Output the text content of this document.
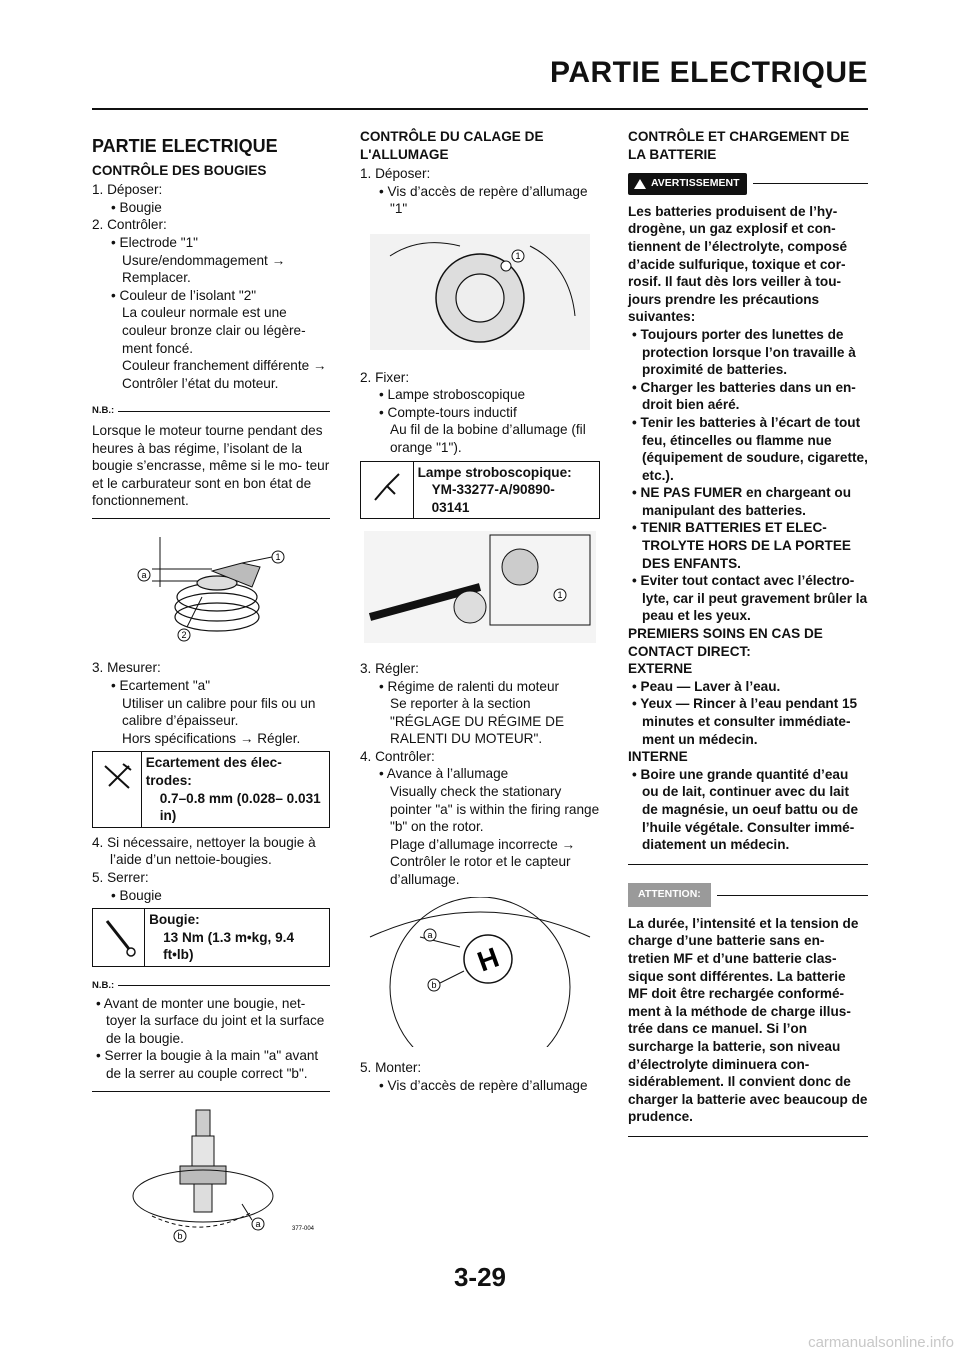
PARTIE ELECTRIQUE
PARTIE ELECTRIQUE
CONTRÔLE DES BOUGIES

1. Déposer:

• Bougie

2. Contrôler:

• Electrode "1"

Usure/endommagement → Remplacer.

• Couleur de l’isolant "2"

La couleur normale est une couleur bronze clair ou légère- ment foncé.

Couleur franchement différente → Contrôler l’état du moteur.

N.B.:

Lorsque le moteur tourne pendant des heures à bas régime, l’isolant de la bougie s’encrasse, même si le mo- teur et le carburateur sont en bon état de fonctionnement.

a
1
2

3. Mesurer:

• Ecartement "a"

Utiliser un calibre pour fils ou un calibre d’épaisseur.

Hors spécifications → Régler.

Ecartement des élec- trodes:
0.7–0.8 mm (0.028– 0.031 in)

4. Si nécessaire, nettoyer la bougie à l’aide d’un nettoie-bougies.

5. Serrer:

• Bougie

Bougie:
13 Nm (1.3 m•kg, 9.4 ft•lb)
N.B.:

• Avant de monter une bougie, net- toyer la surface du joint et la surface de la bougie.

• Serrer la bougie à la main "a" avant de la serrer au couple correct "b".

a
b
377-004
CONTRÔLE DU CALAGE DE L'ALLUMAGE

1. Déposer:

• Vis d’accès de repère d’allumage "1"

1

2. Fixer:

• Lampe stroboscopique

• Compte-tours inductif

Au fil de la bobine d’allumage (fil orange "1").

Lampe stroboscopique:
YM-33277-A/90890- 03141
1

3. Régler:

• Régime de ralenti du moteur

Se reporter à la section "RÉGLAGE DU RÉGIME DE RALENTI DU MOTEUR".

4. Contrôler:

• Avance à l’allumage

Visually check the stationary pointer "a" is within the firing range "b" on the rotor.

Plage d’allumage incorrecte → Contrôler le rotor et le capteur d’allumage.

H
a
b

5. Monter:

• Vis d’accès de repère d’allumage

CONTRÔLE ET CHARGEMENT DE LA BATTERIE
AVERTISSEMENT

Les batteries produisent de l’hy- drogène, un gaz explosif et con- tiennent de l’électrolyte, composé d’acide sulfurique, toxique et cor- rosif. Il faut dès lors veiller à tou- jours prendre les précautions suivantes:

• Toujours porter des lunettes de protection lorsque l’on travaille à proximité de batteries.

• Charger les batteries dans un en- droit bien aéré.

• Tenir les batteries à l’écart de tout feu, étincelles ou flamme nue (équipement de soudure, cigarette, etc.).

• NE PAS FUMER en chargeant ou manipulant des batteries.

• TENIR BATTERIES ET ELEC- TROLYTE HORS DE LA PORTEE DES ENFANTS.

• Eviter tout contact avec l’électro- lyte, car il peut gravement brûler la peau et les yeux.

PREMIERS SOINS EN CAS DE CONTACT DIRECT:

EXTERNE

• Peau — Laver à l’eau.

• Yeux — Rincer à l’eau pendant 15 minutes et consulter immédiate- ment un médecin.

INTERNE

• Boire une grande quantité d’eau ou de lait, continuer avec du lait de magnésie, un oeuf battu ou de l’huile végétale. Consulter immé- diatement un médecin.

ATTENTION:

La durée, l’intensité et la tension de charge d’une batterie sans en- tretien MF et d’une batterie clas- sique sont différentes. La batterie MF doit être rechargée conformé- ment à la méthode de charge illus- trée dans ce manuel. Si l’on surcharge la batterie, son niveau d’électrolyte diminuera con- sidérablement. Il convient donc de charger la batterie avec beaucoup de prudence.

3-29
carmanualsonline.info
